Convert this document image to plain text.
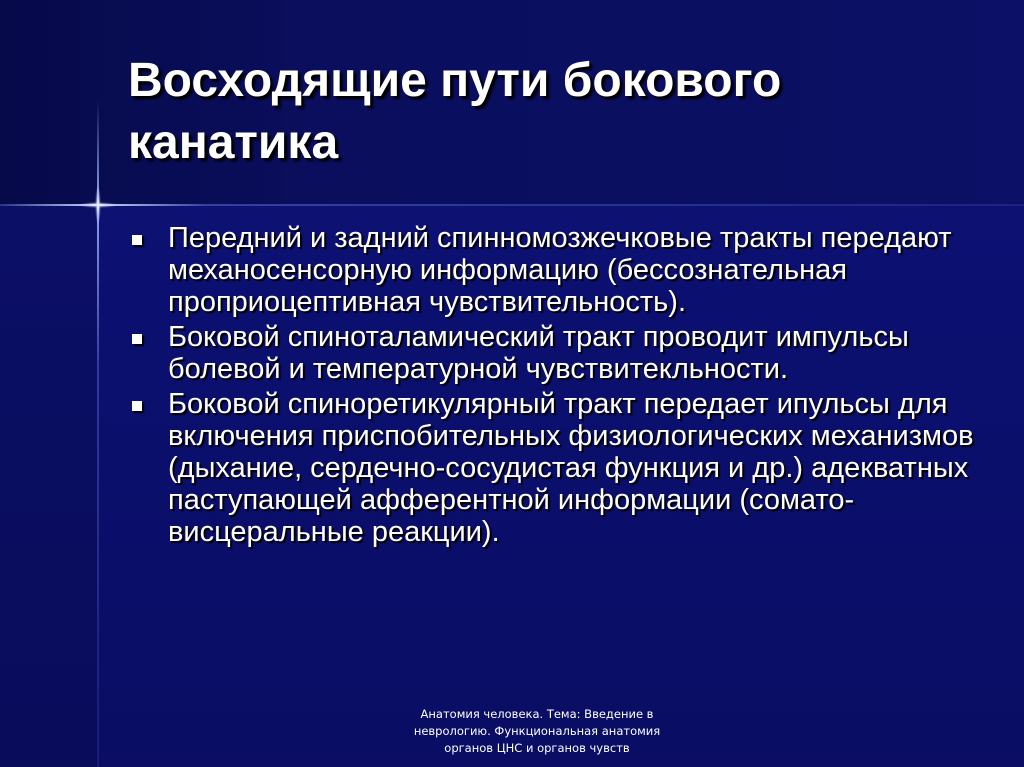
Восходящие пути бокового канатика
Передний и задний спинномозжечковые тракты передают механосенсорную информацию (бессознательная проприоцептивная чувствительность).
Боковой спиноталамический тракт проводит импульсы болевой и температурной чувствитекльности.
Боковой спиноретикулярный тракт передает ипульсы для включения приспобительных физиологических механизмов (дыхание, сердечно-сосудистая функция и др.) адекватных паступающей афферентной информации (сомато-висцеральные реакции).
Анатомия человека. Тема: Введение в неврологию. Функциональная анатомия органов ЦНС и органов чувств
